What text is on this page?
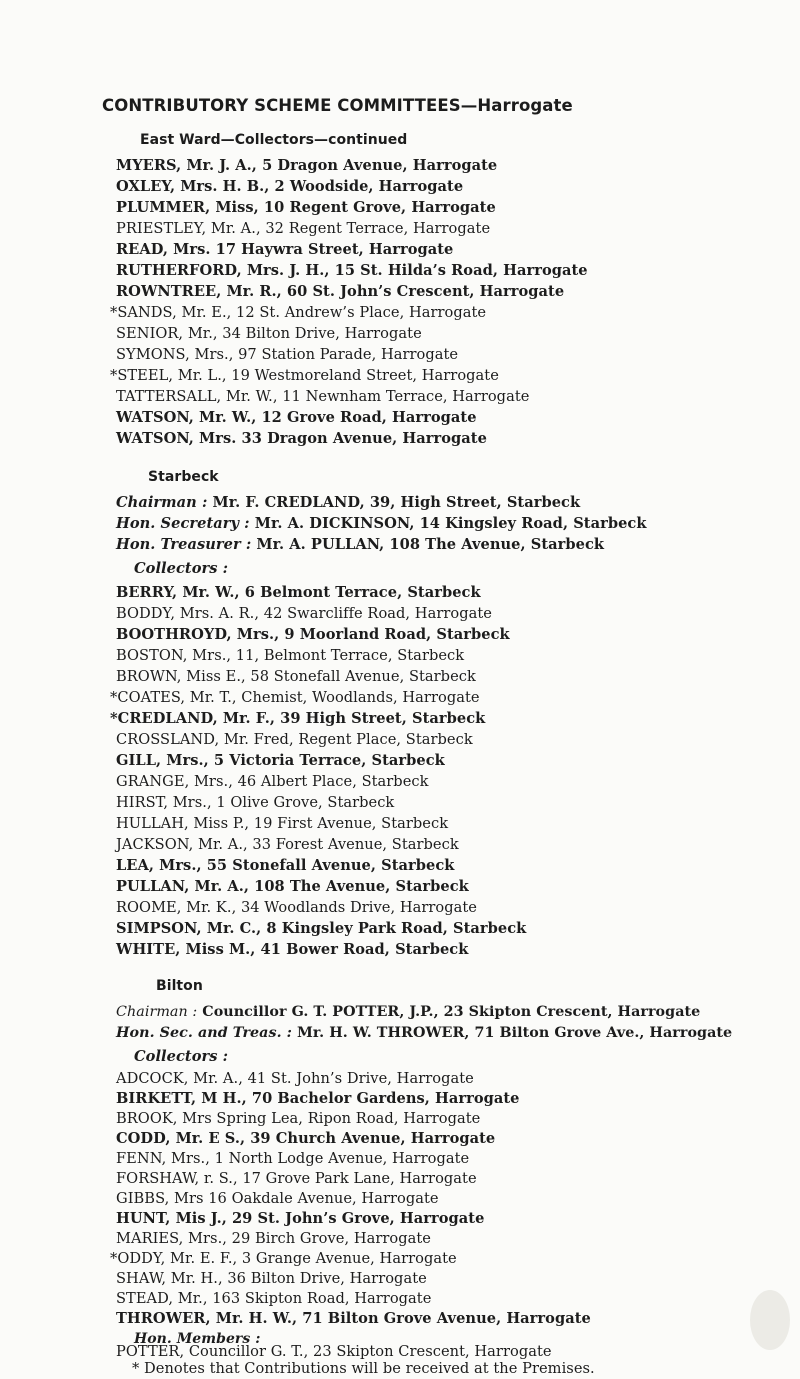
CONTRIBUTORY SCHEME COMMITTEES—Harrogate
East Ward—Collectors—continued
MYERS, Mr. J. A., 5 Dragon Avenue, Harrogate
OXLEY, Mrs. H. B., 2 Woodside, Harrogate
PLUMMER, Miss, 10 Regent Grove, Harrogate
PRIESTLEY, Mr. A., 32 Regent Terrace, Harrogate
READ, Mrs. 17 Haywra Street, Harrogate
RUTHERFORD, Mrs. J. H., 15 St. Hilda’s Road, Harrogate
ROWNTREE, Mr. R., 60 St. John’s Crescent, Harrogate
*SANDS, Mr. E., 12 St. Andrew’s Place, Harrogate
SENIOR, Mr., 34 Bilton Drive, Harrogate
SYMONS, Mrs., 97 Station Parade, Harrogate
*STEEL, Mr. L., 19 Westmoreland Street, Harrogate
TATTERSALL, Mr. W., 11 Newnham Terrace, Harrogate
WATSON, Mr. W., 12 Grove Road, Harrogate
WATSON, Mrs. 33 Dragon Avenue, Harrogate
Starbeck
Chairman : Mr. F. CREDLAND, 39, High Street, Starbeck
Hon. Secretary : Mr. A. DICKINSON, 14 Kingsley Road, Starbeck
Hon. Treasurer : Mr. A. PULLAN, 108 The Avenue, Starbeck
Collectors :
BERRY, Mr. W., 6 Belmont Terrace, Starbeck
BODDY, Mrs. A. R., 42 Swarcliffe Road, Harrogate
BOOTHROYD, Mrs., 9 Moorland Road, Starbeck
BOSTON, Mrs., 11, Belmont Terrace, Starbeck
BROWN, Miss E., 58 Stonefall Avenue, Starbeck
*COATES, Mr. T., Chemist, Woodlands, Harrogate
*CREDLAND, Mr. F., 39 High Street, Starbeck
CROSSLAND, Mr. Fred, Regent Place, Starbeck
GILL, Mrs., 5 Victoria Terrace, Starbeck
GRANGE, Mrs., 46 Albert Place, Starbeck
HIRST, Mrs., 1 Olive Grove, Starbeck
HULLAH, Miss P., 19 First Avenue, Starbeck
JACKSON, Mr. A., 33 Forest Avenue, Starbeck
LEA, Mrs., 55 Stonefall Avenue, Starbeck
PULLAN, Mr. A., 108 The Avenue, Starbeck
ROOME, Mr. K., 34 Woodlands Drive, Harrogate
SIMPSON, Mr. C., 8 Kingsley Park Road, Starbeck
WHITE, Miss M., 41 Bower Road, Starbeck
Bilton
Chairman : Councillor G. T. POTTER, J.P., 23 Skipton Crescent, Harrogate
Hon. Sec. and Treas. : Mr. H. W. THROWER, 71 Bilton Grove Ave., Harrogate
Collectors :
ADCOCK, Mr. A., 41 St. John’s Drive, Harrogate
BIRKETT, M H., 70 Bachelor Gardens, Harrogate
BROOK, Mrs Spring Lea, Ripon Road, Harrogate
CODD, Mr. E S., 39 Church Avenue, Harrogate
FENN, Mrs., 1 North Lodge Avenue, Harrogate
FORSHAW, r. S., 17 Grove Park Lane, Harrogate
GIBBS, Mrs 16 Oakdale Avenue, Harrogate
HUNT, Mis J., 29 St. John’s Grove, Harrogate
MARIES, Mrs., 29 Birch Grove, Harrogate
*ODDY, Mr. E. F., 3 Grange Avenue, Harrogate
SHAW, Mr. H., 36 Bilton Drive, Harrogate
STEAD, Mr., 163 Skipton Road, Harrogate
THROWER, Mr. H. W., 71 Bilton Grove Avenue, Harrogate
Hon. Members :
POTTER, Councillor G. T., 23 Skipton Crescent, Harrogate
* Denotes that Contributions will be received at the Premises.
